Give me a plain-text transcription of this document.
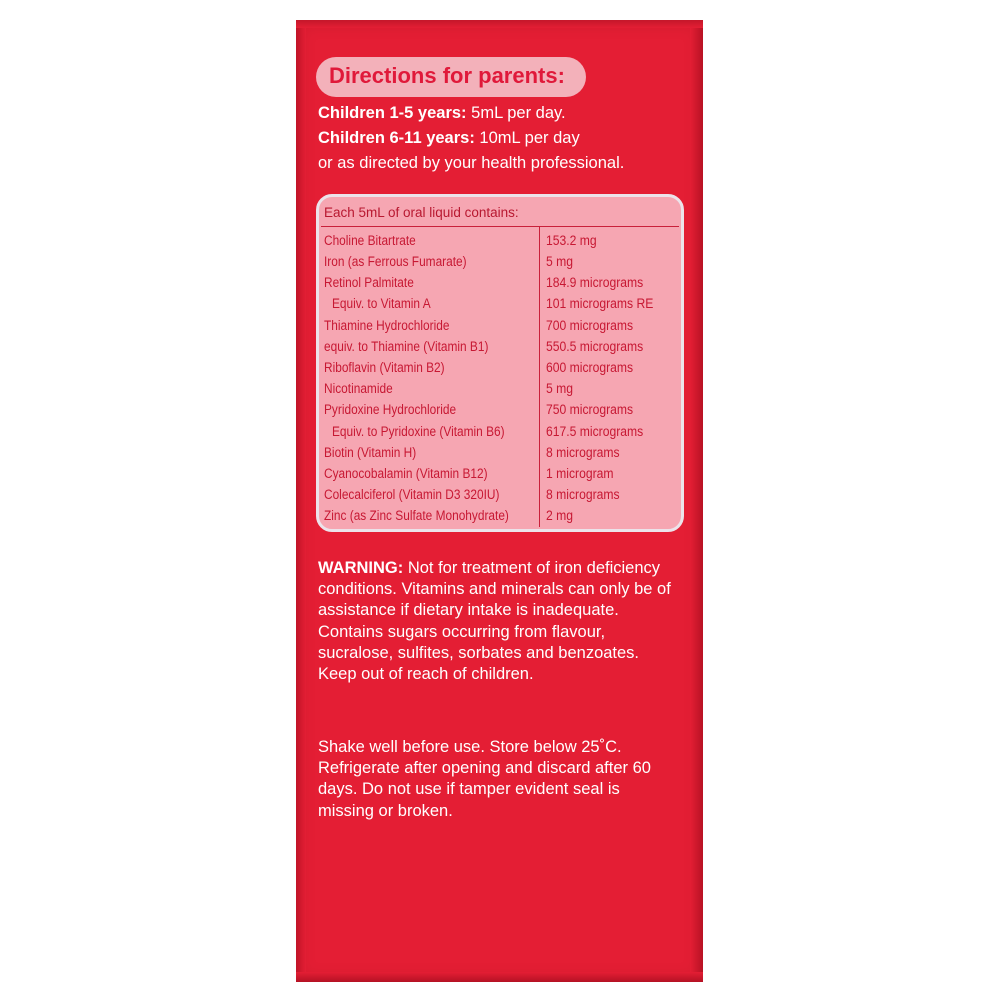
Directions for parents:
Children 1-5 years: 5mL per day.
Children 6-11 years: 10mL per day
or as directed by your health professional.
Each 5mL of oral liquid contains:
Choline Bitartrate	153.2 mg
Iron (as Ferrous Fumarate)	5 mg
Retinol Palmitate	184.9 micrograms
Equiv. to Vitamin A	101 micrograms RE
Thiamine Hydrochloride	700 micrograms
equiv. to Thiamine (Vitamin B1)	550.5 micrograms
Riboflavin (Vitamin B2)	600 micrograms
Nicotinamide	5 mg
Pyridoxine Hydrochloride	750 micrograms
Equiv. to Pyridoxine (Vitamin B6)	617.5 micrograms
Biotin (Vitamin H)	8 micrograms
Cyanocobalamin (Vitamin B12)	1 microgram
Colecalciferol (Vitamin D3 320IU)	8 micrograms
Zinc (as Zinc Sulfate Monohydrate)	2 mg
WARNING: Not for treatment of iron deficiency conditions. Vitamins and minerals can only be of assistance if dietary intake is inadequate. Contains sugars occurring from flavour, sucralose, sulfites, sorbates and benzoates. Keep out of reach of children.
Shake well before use. Store below 25˚C. Refrigerate after opening and discard after 60 days. Do not use if tamper evident seal is missing or broken.
